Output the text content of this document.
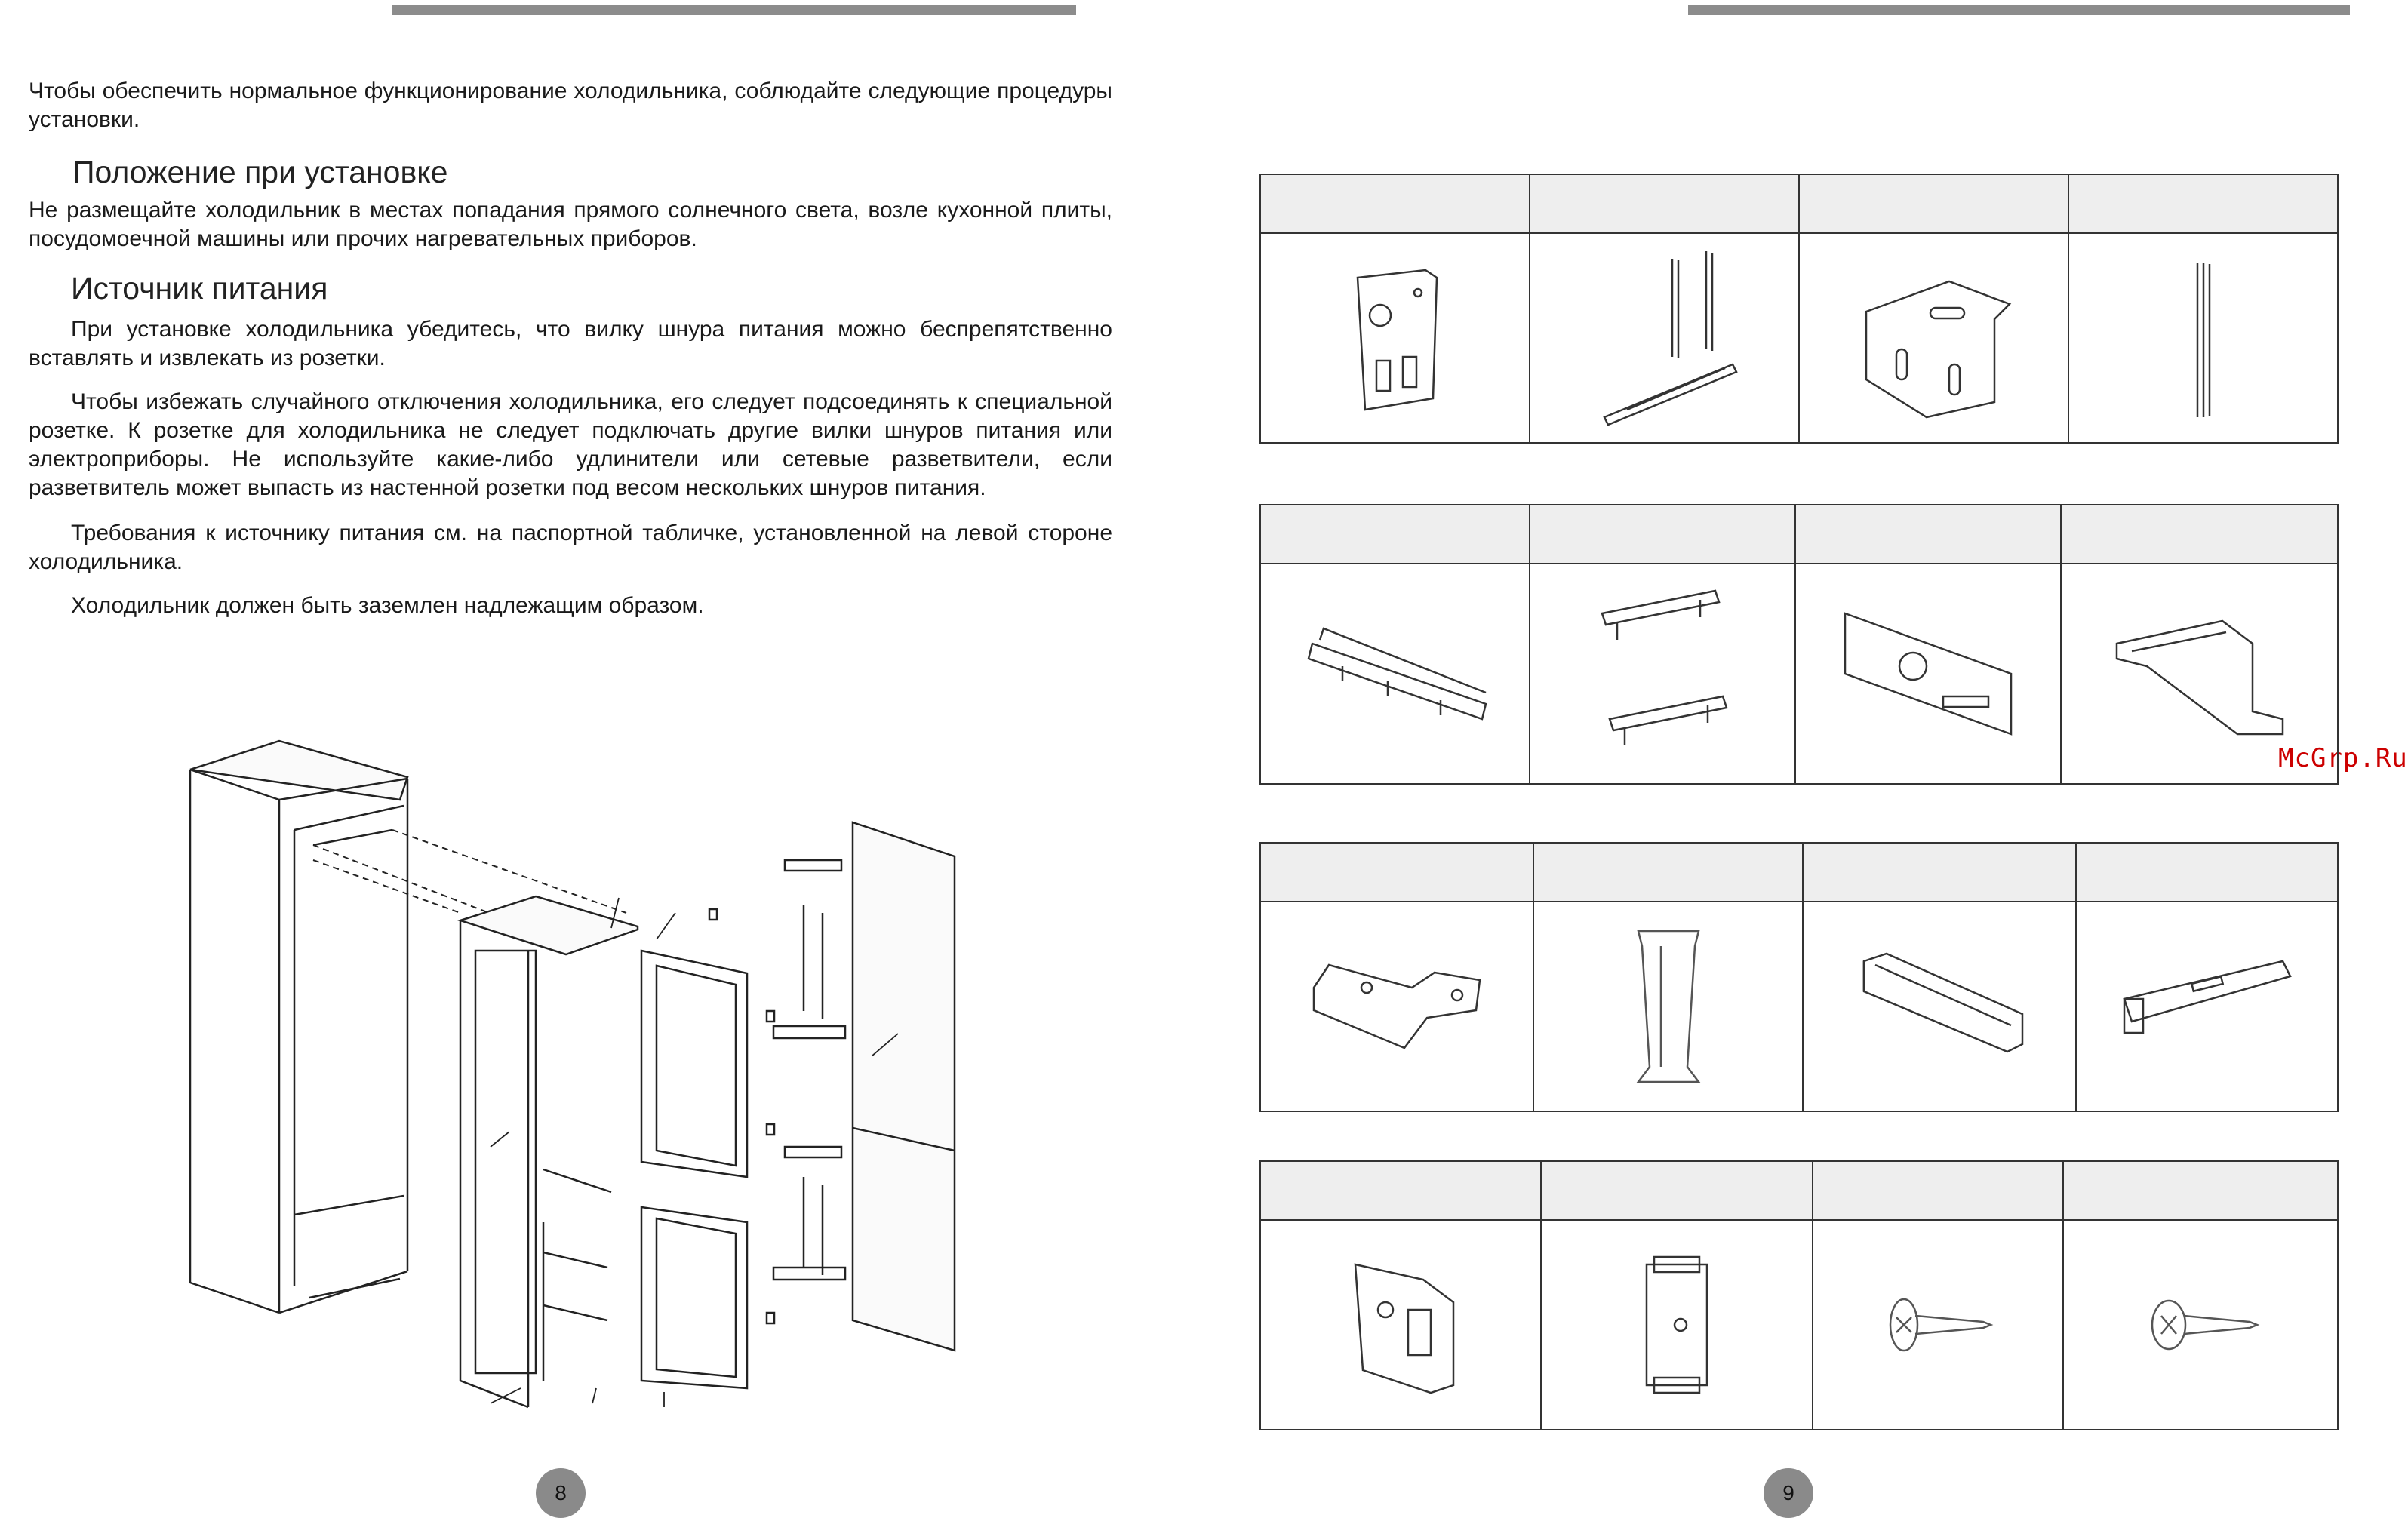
Чтобы обеспечить нормальное функционирование холодильника, соблюдайте следующие процедуры установки.

Положение при установке

Не размещайте холодильник в местах попадания прямого солнечного света, возле кухонной плиты, посудомоечной машины или прочих нагревательных приборов.

Источник питания

При установке холодильника убедитесь, что вилку шнура питания можно беспрепятственно вставлять и извлекать из розетки.

Чтобы избежать случайного отключения холодильника, его следует подсоединять к специальной розетке. К розетке для холодильника не следует подключать другие вилки шнуров питания или электроприборы. Не используйте какие-либо удлинители или сетевые разветвители, если разветвитель может выпасть из настенной розетки под весом нескольких шнуров питания.

Требования к источнику питания см. на паспортной табличке, установленной на левой стороне холодильника.

Холодильник должен быть заземлен надлежащим образом.

8
McGrp.Ru

9
